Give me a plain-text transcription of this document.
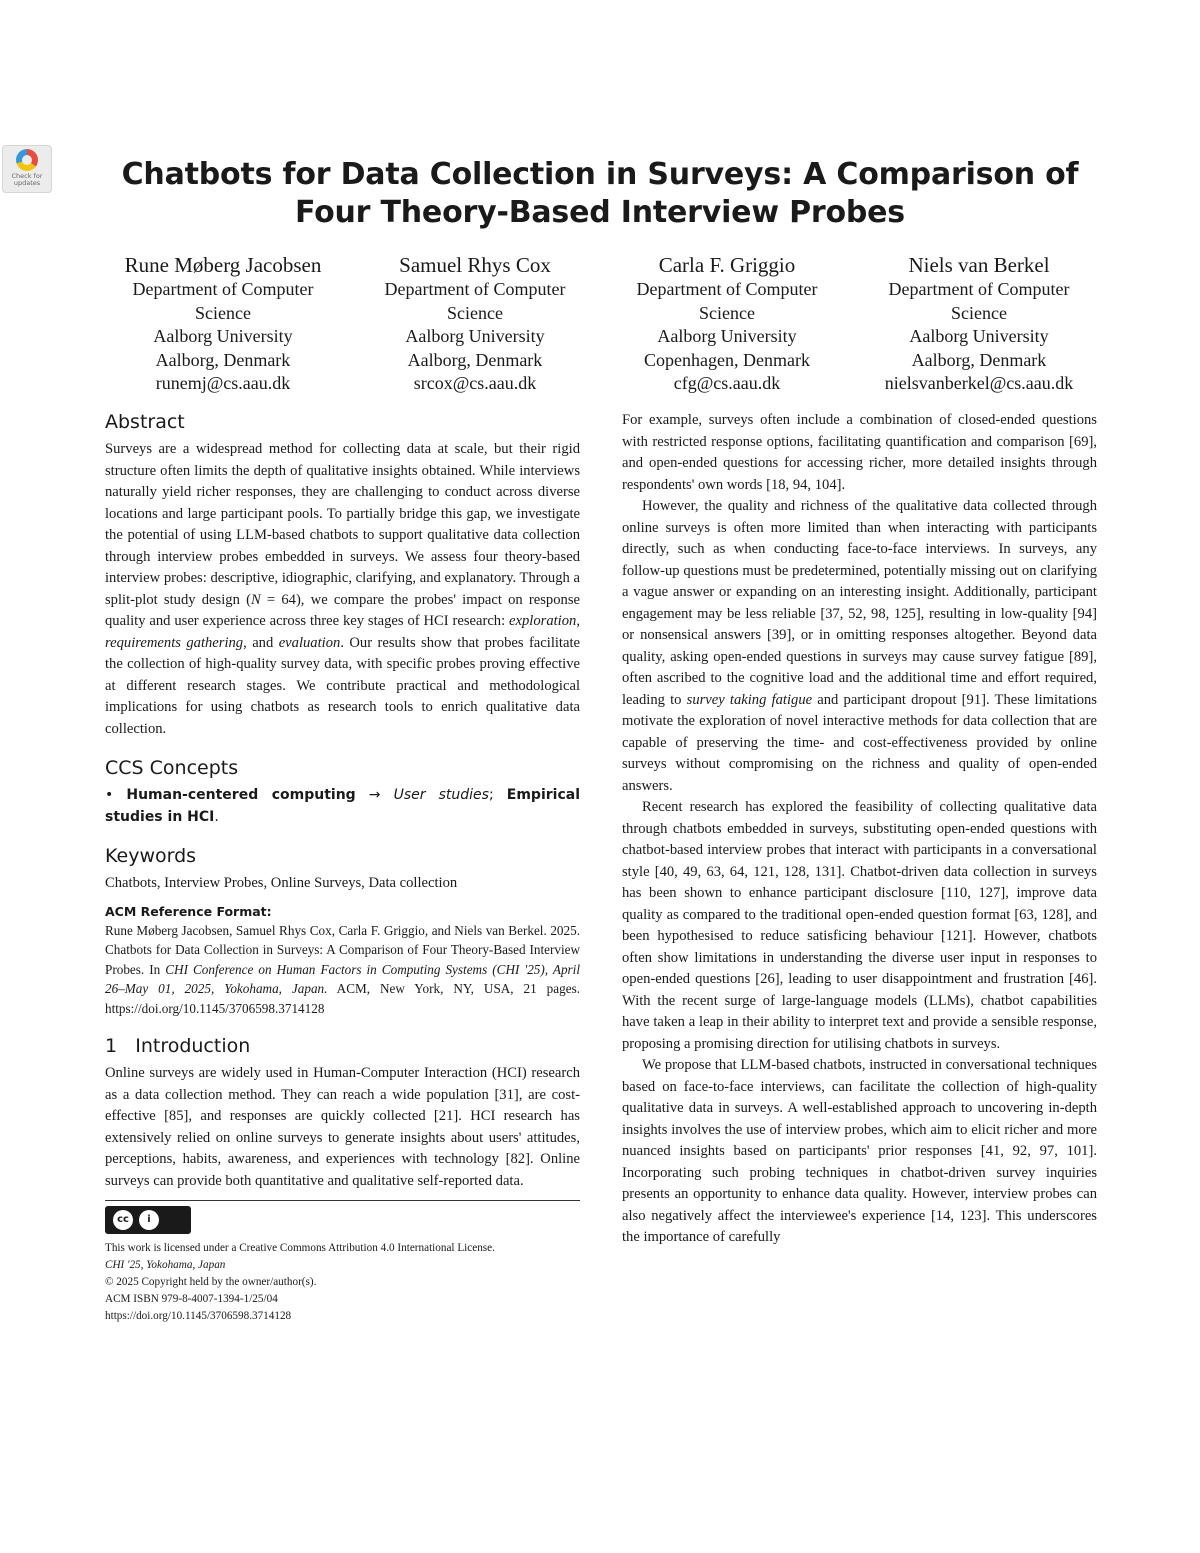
Check for updates	Chatbots for Data Collection in Surveys: A Comparison of Four Theory-Based Interview Probes
Rune Møberg Jacobsen
Department of Computer Science
Aalborg University
Aalborg, Denmark
runemj@cs.aau.dk
Samuel Rhys Cox
Department of Computer Science
Aalborg University
Aalborg, Denmark
srcox@cs.aau.dk
Carla F. Griggio
Department of Computer Science
Aalborg University
Copenhagen, Denmark
cfg@cs.aau.dk
Niels van Berkel
Department of Computer Science
Aalborg University
Aalborg, Denmark
nielsvanberkel@cs.aau.dk
Abstract

Surveys are a widespread method for collecting data at scale, but their rigid structure often limits the depth of qualitative insights obtained. While interviews naturally yield richer responses, they are challenging to conduct across diverse locations and large participant pools. To partially bridge this gap, we investigate the potential of using LLM-based chatbots to support qualitative data collection through interview probes embedded in surveys. We assess four theory-based interview probes: descriptive, idiographic, clarifying, and explanatory. Through a split-plot study design (N = 64), we compare the probes' impact on response quality and user experience across three key stages of HCI research: exploration, requirements gathering, and evaluation. Our results show that probes facilitate the collection of high-quality survey data, with specific probes proving effective at different research stages. We contribute practical and methodological implications for using chatbots as research tools to enrich qualitative data collection.

CCS Concepts

• Human-centered computing → User studies; Empirical studies in HCI.

Keywords

Chatbots, Interview Probes, Online Surveys, Data collection

ACM Reference Format:

Rune Møberg Jacobsen, Samuel Rhys Cox, Carla F. Griggio, and Niels van Berkel. 2025. Chatbots for Data Collection in Surveys: A Comparison of Four Theory-Based Interview Probes. In CHI Conference on Human Factors in Computing Systems (CHI '25), April 26–May 01, 2025, Yokohama, Japan. ACM, New York, NY, USA, 21 pages. https://doi.org/10.1145/3706598.3714128

1 Introduction

Online surveys are widely used in Human-Computer Interaction (HCI) research as a data collection method. They can reach a wide population [31], are cost-effective [85], and responses are quickly collected [21]. HCI research has extensively relied on online surveys to generate insights about users' attitudes, perceptions, habits, awareness, and experiences with technology [82]. Online surveys can provide both quantitative and qualitative self-reported data.

cc	i
This work is licensed under a Creative Commons Attribution 4.0 International License.
CHI '25, Yokohama, Japan
© 2025 Copyright held by the owner/author(s).
ACM ISBN 979-8-4007-1394-1/25/04
https://doi.org/10.1145/3706598.3714128

For example, surveys often include a combination of closed-ended questions with restricted response options, facilitating quantification and comparison [69], and open-ended questions for accessing richer, more detailed insights through respondents' own words [18, 94, 104].

However, the quality and richness of the qualitative data collected through online surveys is often more limited than when interacting with participants directly, such as when conducting face-to-face interviews. In surveys, any follow-up questions must be predetermined, potentially missing out on clarifying a vague answer or expanding on an interesting insight. Additionally, participant engagement may be less reliable [37, 52, 98, 125], resulting in low-quality [94] or nonsensical answers [39], or in omitting responses altogether. Beyond data quality, asking open-ended questions in surveys may cause survey fatigue [89], often ascribed to the cognitive load and the additional time and effort required, leading to survey taking fatigue and participant dropout [91]. These limitations motivate the exploration of novel interactive methods for data collection that are capable of preserving the time- and cost-effectiveness provided by online surveys without compromising on the richness and quality of open-ended answers.

Recent research has explored the feasibility of collecting qualitative data through chatbots embedded in surveys, substituting open-ended questions with chatbot-based interview probes that interact with participants in a conversational style [40, 49, 63, 64, 121, 128, 131]. Chatbot-driven data collection in surveys has been shown to enhance participant disclosure [110, 127], improve data quality as compared to the traditional open-ended question format [63, 128], and been hypothesised to reduce satisficing behaviour [121]. However, chatbots often show limitations in understanding the diverse user input in responses to open-ended questions [26], leading to user disappointment and frustration [46]. With the recent surge of large-language models (LLMs), chatbot capabilities have taken a leap in their ability to interpret text and provide a sensible response, proposing a promising direction for utilising chatbots in surveys.

We propose that LLM-based chatbots, instructed in conversational techniques based on face-to-face interviews, can facilitate the collection of high-quality qualitative data in surveys. A well-established approach to uncovering in-depth insights involves the use of interview probes, which aim to elicit richer and more nuanced insights based on participants' prior responses [41, 92, 97, 101]. Incorporating such probing techniques in chatbot-driven survey inquiries presents an opportunity to enhance data quality. However, interview probes can also negatively affect the interviewee's experience [14, 123]. This underscores the importance of carefully
